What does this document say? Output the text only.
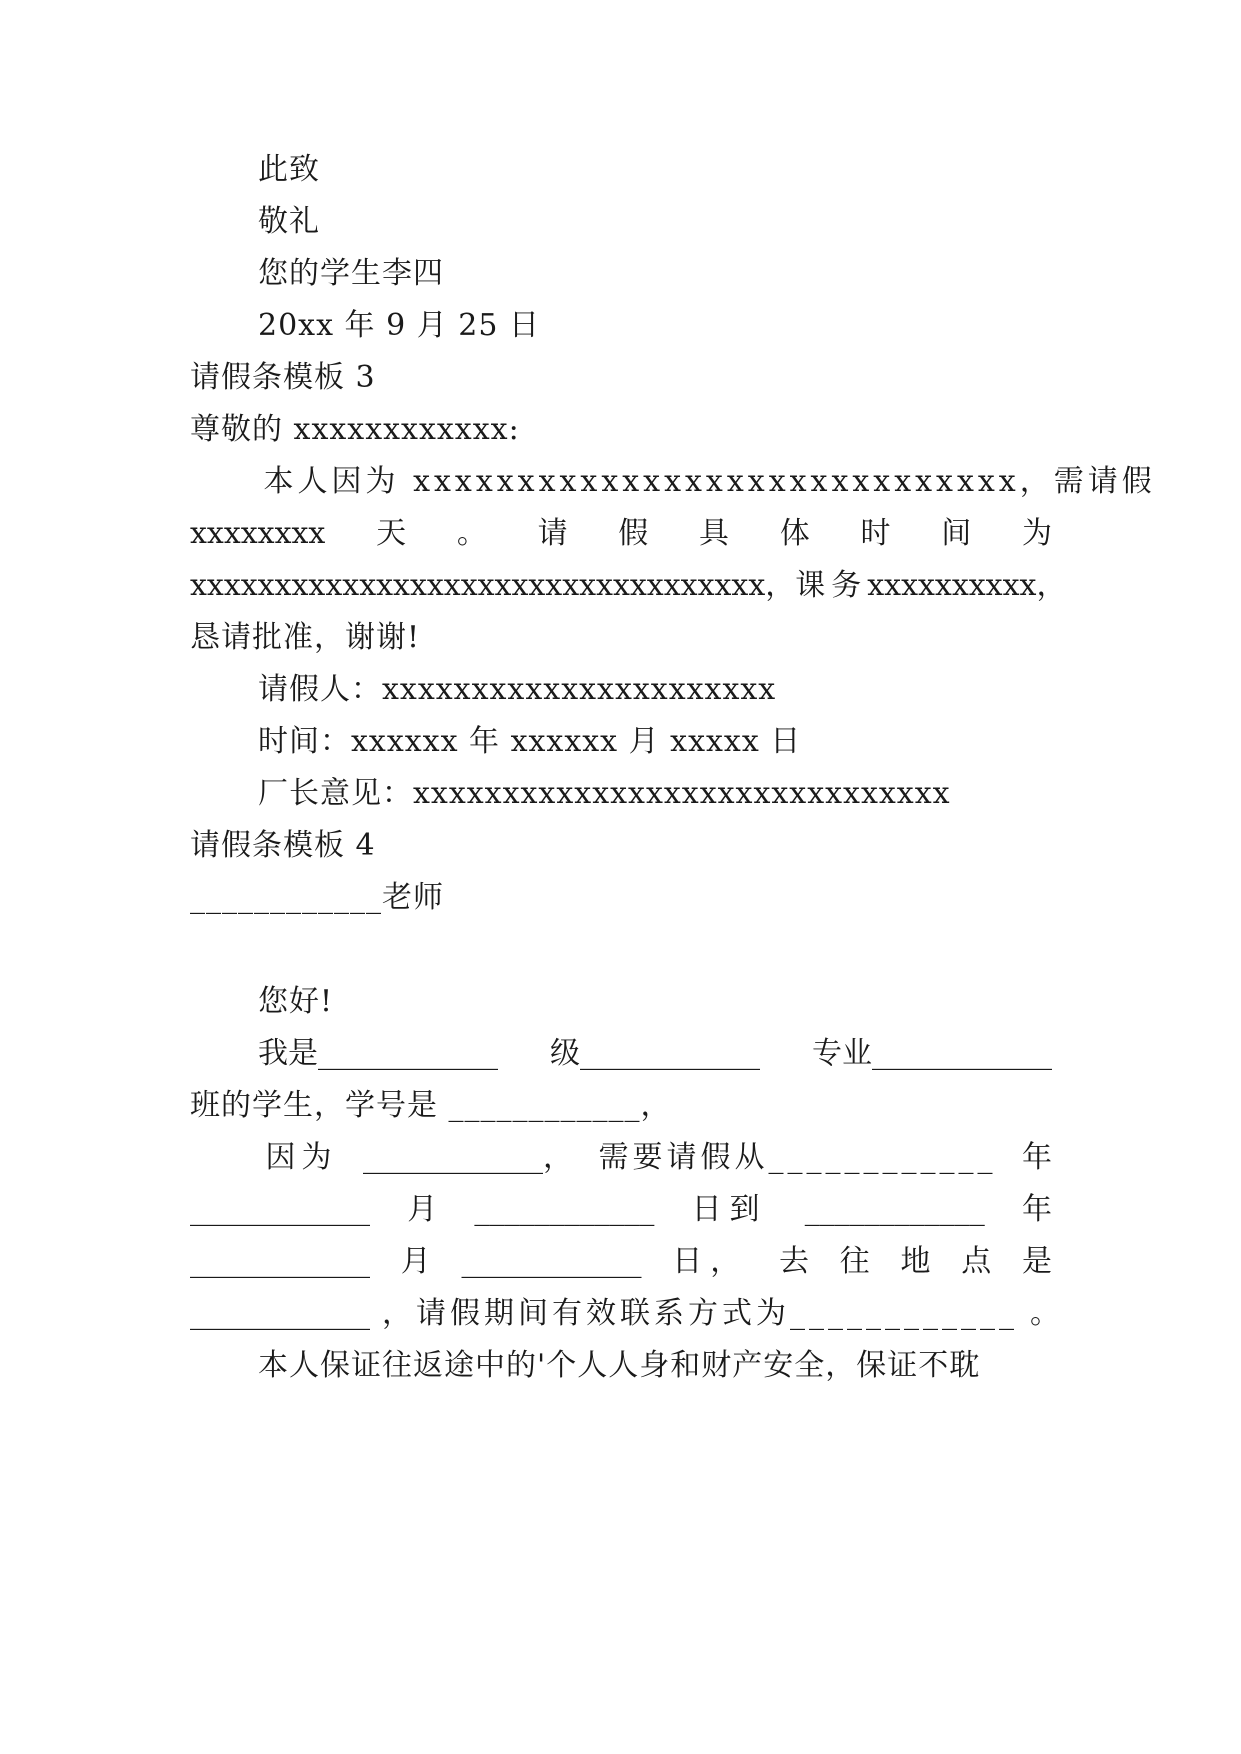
此致
敬礼
您的学生李四
20xx 年 9 月 25 日
请假条模板 3
尊敬的 xxxxxxxxxxxx:
本人因为 xxxxxxxxxxxxxxxxxxxxxxxxxxxxx，需请假
xxxxxxxx 天 。 请 假 具 体 时 间 为
xxxxxxxxxxxxxxxxxxxxxxxxxxxxxxxxxx， 课务 xxxxxxxxxx，
恳请批准，谢谢!
请假人：xxxxxxxxxxxxxxxxxxxxxx
时间：xxxxxx 年 xxxxxx 月 xxxxx 日
厂长意见：xxxxxxxxxxxxxxxxxxxxxxxxxxxxxx
请假条模板 4
____________老师
您好!
我是____________ 级____________ 专业____________
班的学生，学号是 ____________，
因为 ____________， 需要请假从____________ 年
____________ 月 ____________ 日到 ____________ 年
____________ 月 ____________ 日， 去 往 地 点 是
____________ ，请假期间有效联系方式为____________ 。
本人保证往返途中的'个人人身和财产安全，保证不耽
